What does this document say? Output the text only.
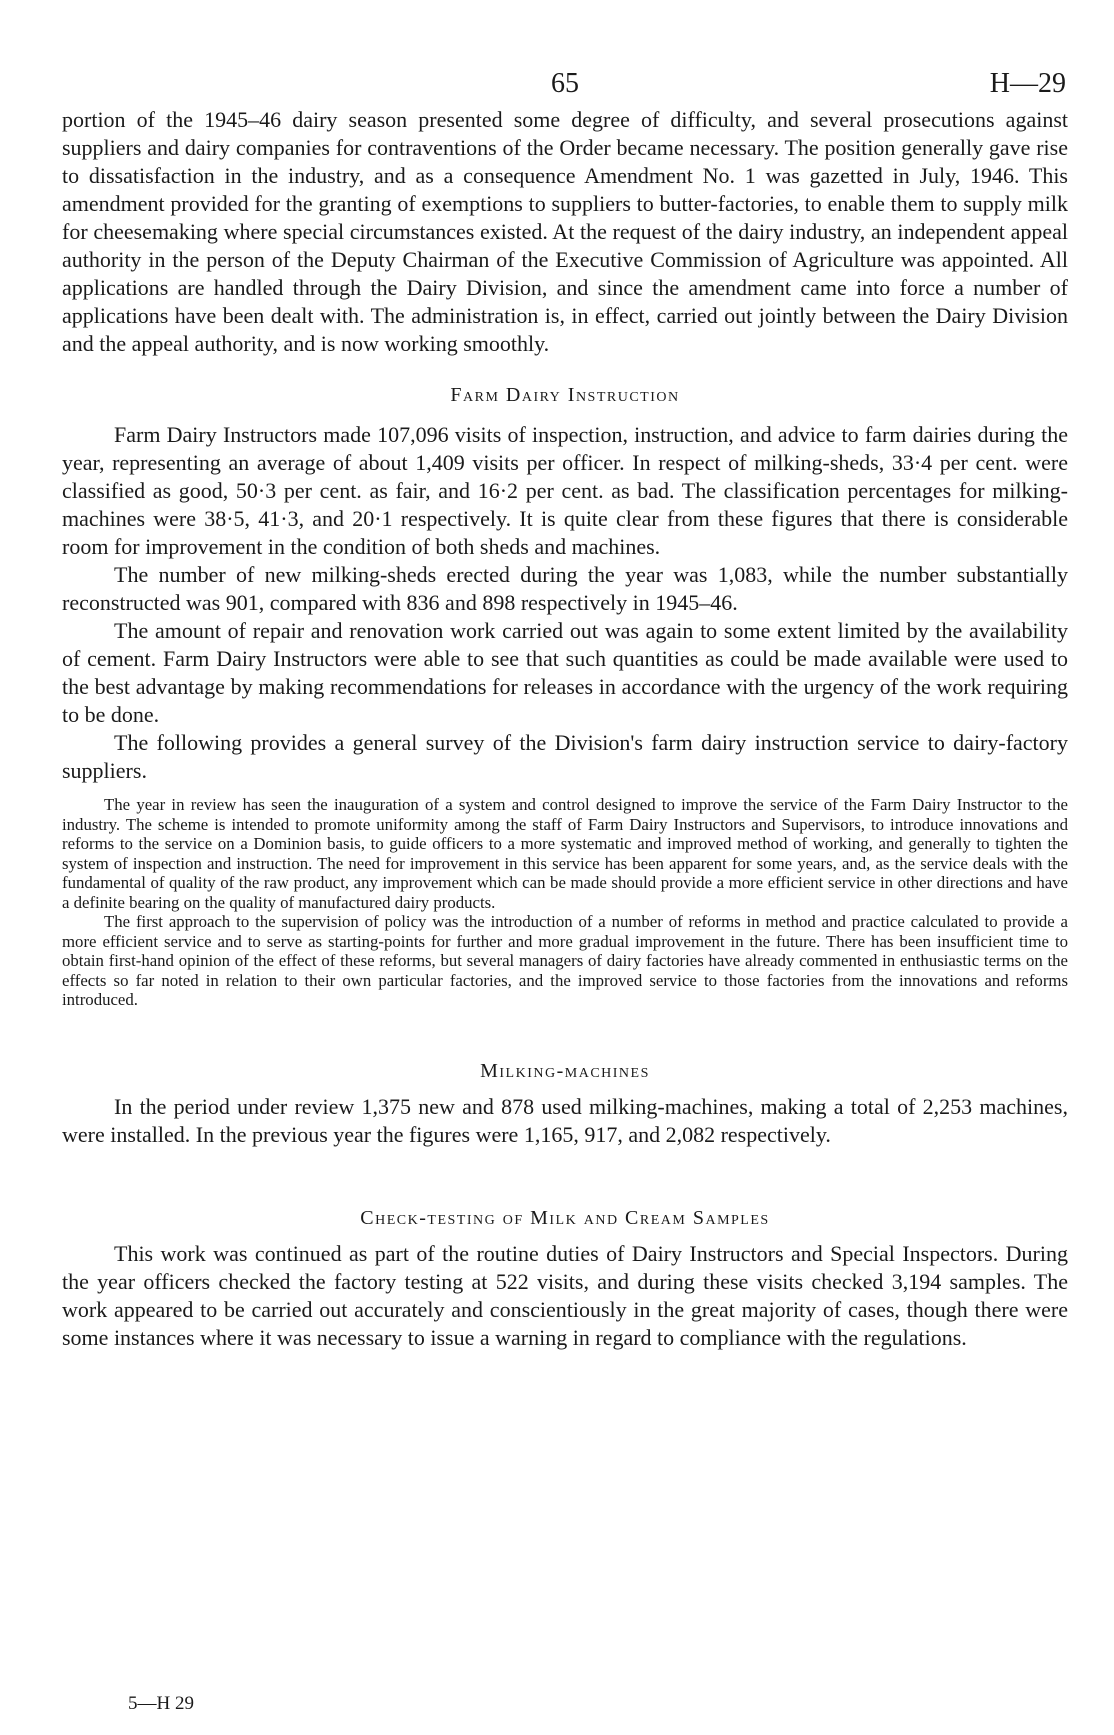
65	H—29

portion of the 1945–46 dairy season presented some degree of difficulty, and several prosecutions against suppliers and dairy companies for contraventions of the Order became necessary. The position generally gave rise to dissatisfaction in the industry, and as a consequence Amendment No. 1 was gazetted in July, 1946. This amendment provided for the granting of exemptions to suppliers to butter-factories, to enable them to supply milk for cheesemaking where special circumstances existed. At the request of the dairy industry, an independent appeal authority in the person of the Deputy Chairman of the Executive Commission of Agriculture was appointed. All applications are handled through the Dairy Division, and since the amendment came into force a number of applications have been dealt with. The administration is, in effect, carried out jointly between the Dairy Division and the appeal authority, and is now working smoothly.

Farm Dairy Instruction

Farm Dairy Instructors made 107,096 visits of inspection, instruction, and advice to farm dairies during the year, representing an average of about 1,409 visits per officer. In respect of milking-sheds, 33·4 per cent. were classified as good, 50·3 per cent. as fair, and 16·2 per cent. as bad. The classification percentages for milking-machines were 38·5, 41·3, and 20·1 respectively. It is quite clear from these figures that there is considerable room for improvement in the condition of both sheds and machines.

The number of new milking-sheds erected during the year was 1,083, while the number substantially reconstructed was 901, compared with 836 and 898 respectively in 1945–46.

The amount of repair and renovation work carried out was again to some extent limited by the availability of cement. Farm Dairy Instructors were able to see that such quantities as could be made available were used to the best advantage by making recommendations for releases in accordance with the urgency of the work requiring to be done.

The following provides a general survey of the Division's farm dairy instruction service to dairy-factory suppliers.

The year in review has seen the inauguration of a system and control designed to improve the service of the Farm Dairy Instructor to the industry. The scheme is intended to promote uniformity among the staff of Farm Dairy Instructors and Supervisors, to introduce innovations and reforms to the service on a Dominion basis, to guide officers to a more systematic and improved method of working, and generally to tighten the system of inspection and instruction. The need for improvement in this service has been apparent for some years, and, as the service deals with the fundamental of quality of the raw product, any improvement which can be made should provide a more efficient service in other directions and have a definite bearing on the quality of manufactured dairy products.

The first approach to the supervision of policy was the introduction of a number of reforms in method and practice calculated to provide a more efficient service and to serve as starting-points for further and more gradual improvement in the future. There has been insufficient time to obtain first-hand opinion of the effect of these reforms, but several managers of dairy factories have already commented in enthusiastic terms on the effects so far noted in relation to their own particular factories, and the improved service to those factories from the innovations and reforms introduced.

Milking-machines

In the period under review 1,375 new and 878 used milking-machines, making a total of 2,253 machines, were installed. In the previous year the figures were 1,165, 917, and 2,082 respectively.

Check-testing of Milk and Cream Samples

This work was continued as part of the routine duties of Dairy Instructors and Special Inspectors. During the year officers checked the factory testing at 522 visits, and during these visits checked 3,194 samples. The work appeared to be carried out accurately and conscientiously in the great majority of cases, though there were some instances where it was necessary to issue a warning in regard to compliance with the regulations.

5—H 29
